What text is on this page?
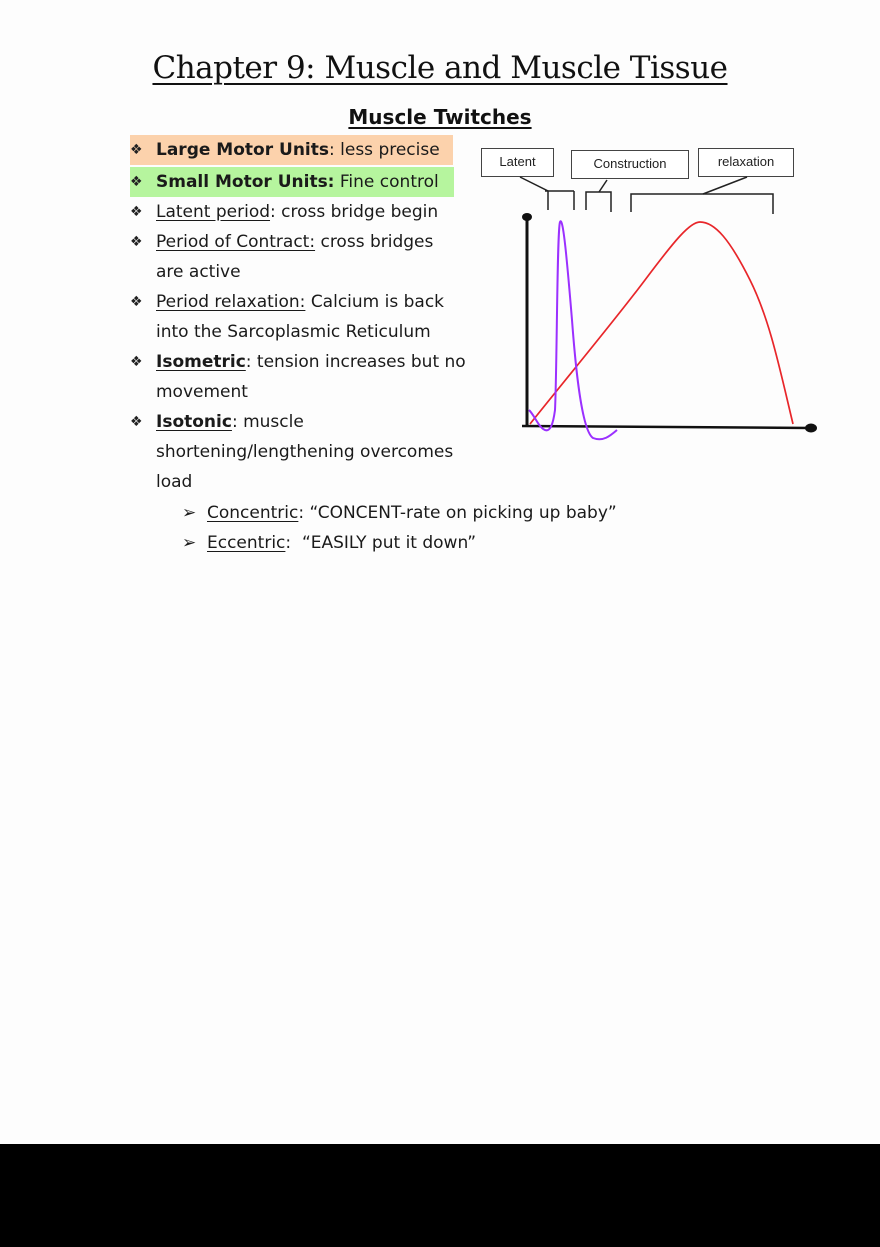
Chapter 9: Muscle and Muscle Tissue
Muscle Twitches
❖ Large Motor Units: less precise
❖ Small Motor Units: Fine control
❖ Latent period: cross bridge begin
❖ Period of Contract: cross bridges
are active
❖ Period relaxation: Calcium is back
into the Sarcoplasmic Reticulum
❖ Isometric: tension increases but no
movement
❖ Isotonic: muscle
shortening/lengthening overcomes
load
➢ Concentric: “CONCENT-rate on picking up baby”
➢ Eccentric:  “EASILY put it down”
Latent	Construction	relaxation
